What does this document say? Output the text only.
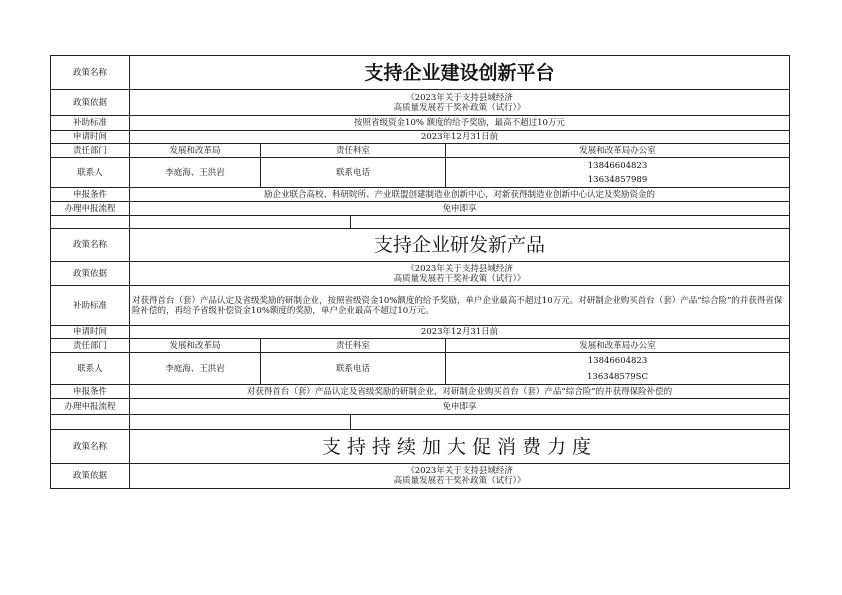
政策名称	支持企业建设创新平台			
政策依据	《2023年关于支持县域经济
高质量发展若干奖补政策（试行）》			

补助标准	按照省级资金10% 额度的给予奖励，最高不超过10万元			
申请时间	2023年12月31日前			
责任部门	发展和改革局	责任科室		发展和改革局办公室
联系人	李庭海、王洪岩	联系电话		13846604823
13634857989

申报条件	励企业联合高校、科研院所、产业联盟创建制造业创新中心，对新获得制造业创新中心认定及奖励资金的			
办理申报流程	免申即享			

政策名称	支持企业研发新产品			
政策依据	《2023年关于支持县域经济
高质量发展若干奖补政策（试行）》			

补助标准	对获得首台（套）产品认定及省级奖励的研制企业，按照省级资金10%额度的给予奖励，单户企业最高不超过10万元。对研制企业购买首台（套）产品“综合险”的并获得省保险补偿的，再给予省级补偿资金10%额度的奖励，单户企业最高不超过10万元。			
申请时间	2023年12月31日前			
责任部门	发展和改革局	责任科室		发展和改革局办公室
联系人	李庭海、王洪岩	联系电话		13846604823
136348579SC

申报条件	对获得首台（套）产品认定及省级奖励的研制企业，对研制企业购买首台（套）产品“综合险”的并获得保险补偿的			
办理申报流程	免申即享			

政策名称	支持持续加大促消费力度			
政策依据	《2023年关于支持县域经济
高质量发展若干奖补政策（试行）》			
